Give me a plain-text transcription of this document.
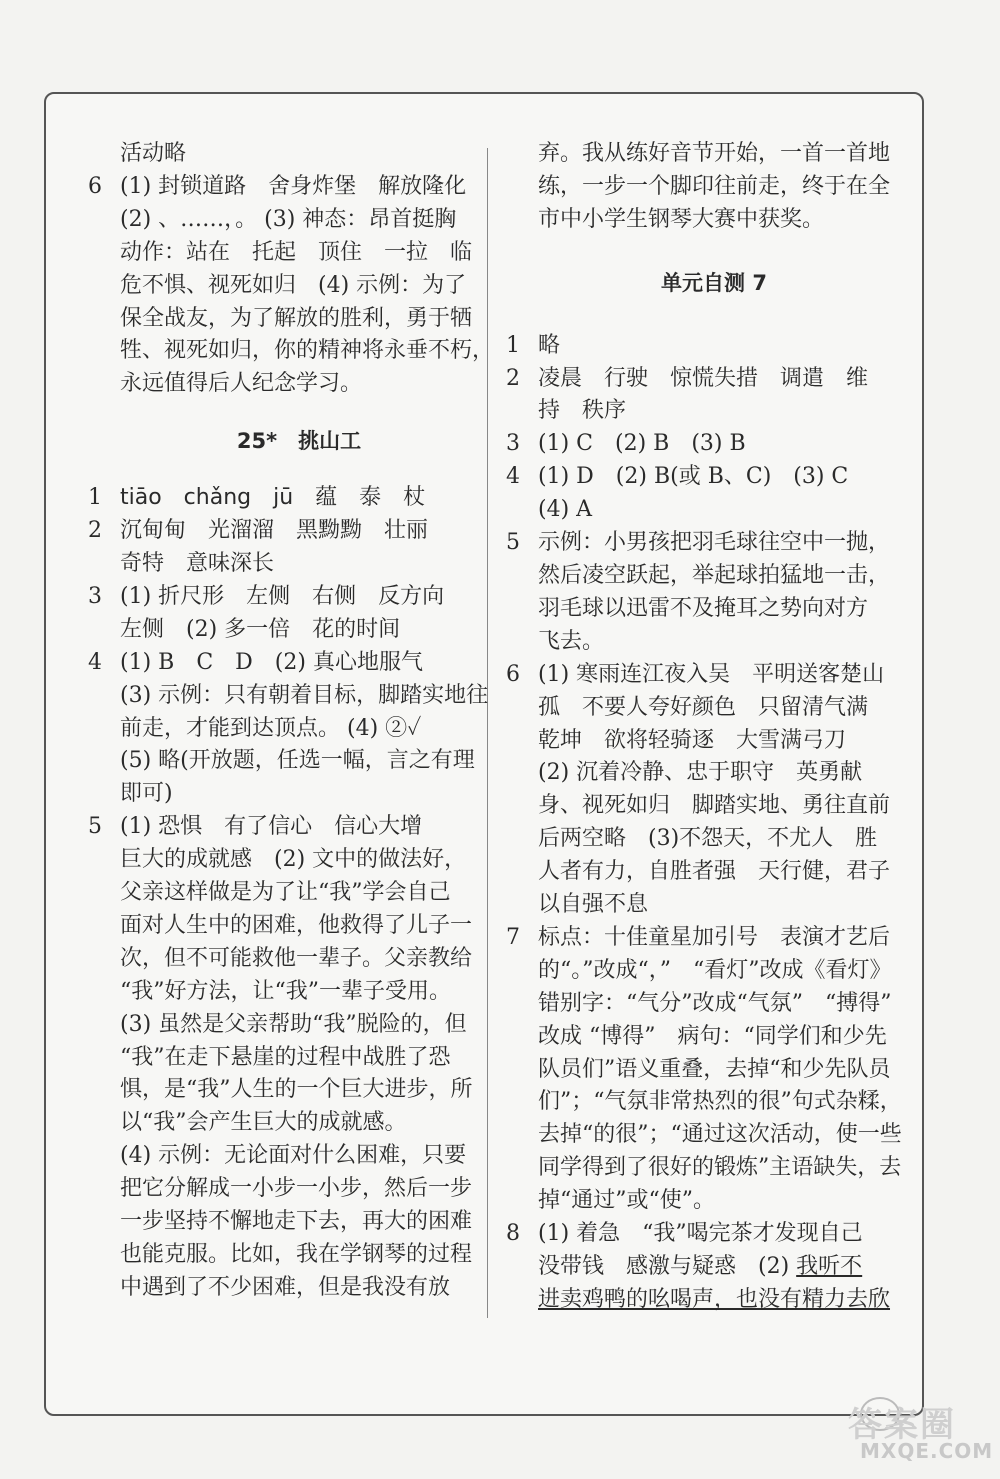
活动略
6 (1) 封锁道路　舍身炸堡　解放隆化
(2) 、……，。 (3) 神态：昂首挺胸
动作：站在　托起　顶住　一拉　临
危不惧、视死如归　(4) 示例：为了
保全战友，为了解放的胜利，勇于牺
牲、视死如归，你的精神将永垂不朽，
永远值得后人纪念学习。
25*　挑山工
1 tiāo　chǎng　jū　蕴　泰　杖
2 沉甸甸　光溜溜　黑黝黝　壮丽
奇特　意味深长
3 (1) 折尺形　左侧　右侧　反方向
左侧　(2) 多一倍　花的时间
4 (1) B　C　D　(2) 真心地服气
(3) 示例：只有朝着目标，脚踏实地往
前走，才能到达顶点。 (4) ②✓
(5) 略(开放题，任选一幅，言之有理
即可)
5 (1) 恐惧　有了信心　信心大增
巨大的成就感　(2) 文中的做法好，
父亲这样做是为了让“我”学会自己
面对人生中的困难，他救得了儿子一
次，但不可能救他一辈子。父亲教给
“我”好方法，让“我”一辈子受用。
(3) 虽然是父亲帮助“我”脱险的，但
“我”在走下悬崖的过程中战胜了恐
惧，是“我”人生的一个巨大进步，所
以“我”会产生巨大的成就感。
(4) 示例：无论面对什么困难，只要
把它分解成一小步一小步，然后一步
一步坚持不懈地走下去，再大的困难
也能克服。比如，我在学钢琴的过程
中遇到了不少困难，但是我没有放
弃。我从练好音节开始，一首一首地
练，一步一个脚印往前走，终于在全
市中小学生钢琴大赛中获奖。
单元自测 7
1 略
2 凌晨　行驶　惊慌失措　调遣　维
持　秩序
3 (1) C　(2) B　(3) B
4 (1) D　(2) B(或 B、C)　(3) C
(4) A
5 示例：小男孩把羽毛球往空中一抛，
然后凌空跃起，举起球拍猛地一击，
羽毛球以迅雷不及掩耳之势向对方
飞去。
6 (1) 寒雨连江夜入吴　平明送客楚山
孤　不要人夸好颜色　只留清气满
乾坤　欲将轻骑逐　大雪满弓刀
(2) 沉着冷静、忠于职守　英勇献
身、视死如归　脚踏实地、勇往直前
后两空略　(3)不怨天，不尤人　胜
人者有力，自胜者强　天行健，君子
以自强不息
7 标点：十佳童星加引号　表演才艺后
的“。”改成“，”　“看灯”改成《看灯》
错别字：“气分”改成“气氛”　“搏得”
改成 “博得”　病句：“同学们和少先
队员们”语义重叠，去掉“和少先队员
们”；“气氛非常热烈的很”句式杂糅，
去掉“的很”；“通过这次活动，使一些
同学得到了很好的锻炼”主语缺失，去
掉“通过”或“使”。
8 (1) 着急　“我”喝完茶才发现自己
没带钱　感激与疑惑　(2) 我听不
进卖鸡鸭的吆喝声，也没有精力去欣
答案圈
MXQE.COM
